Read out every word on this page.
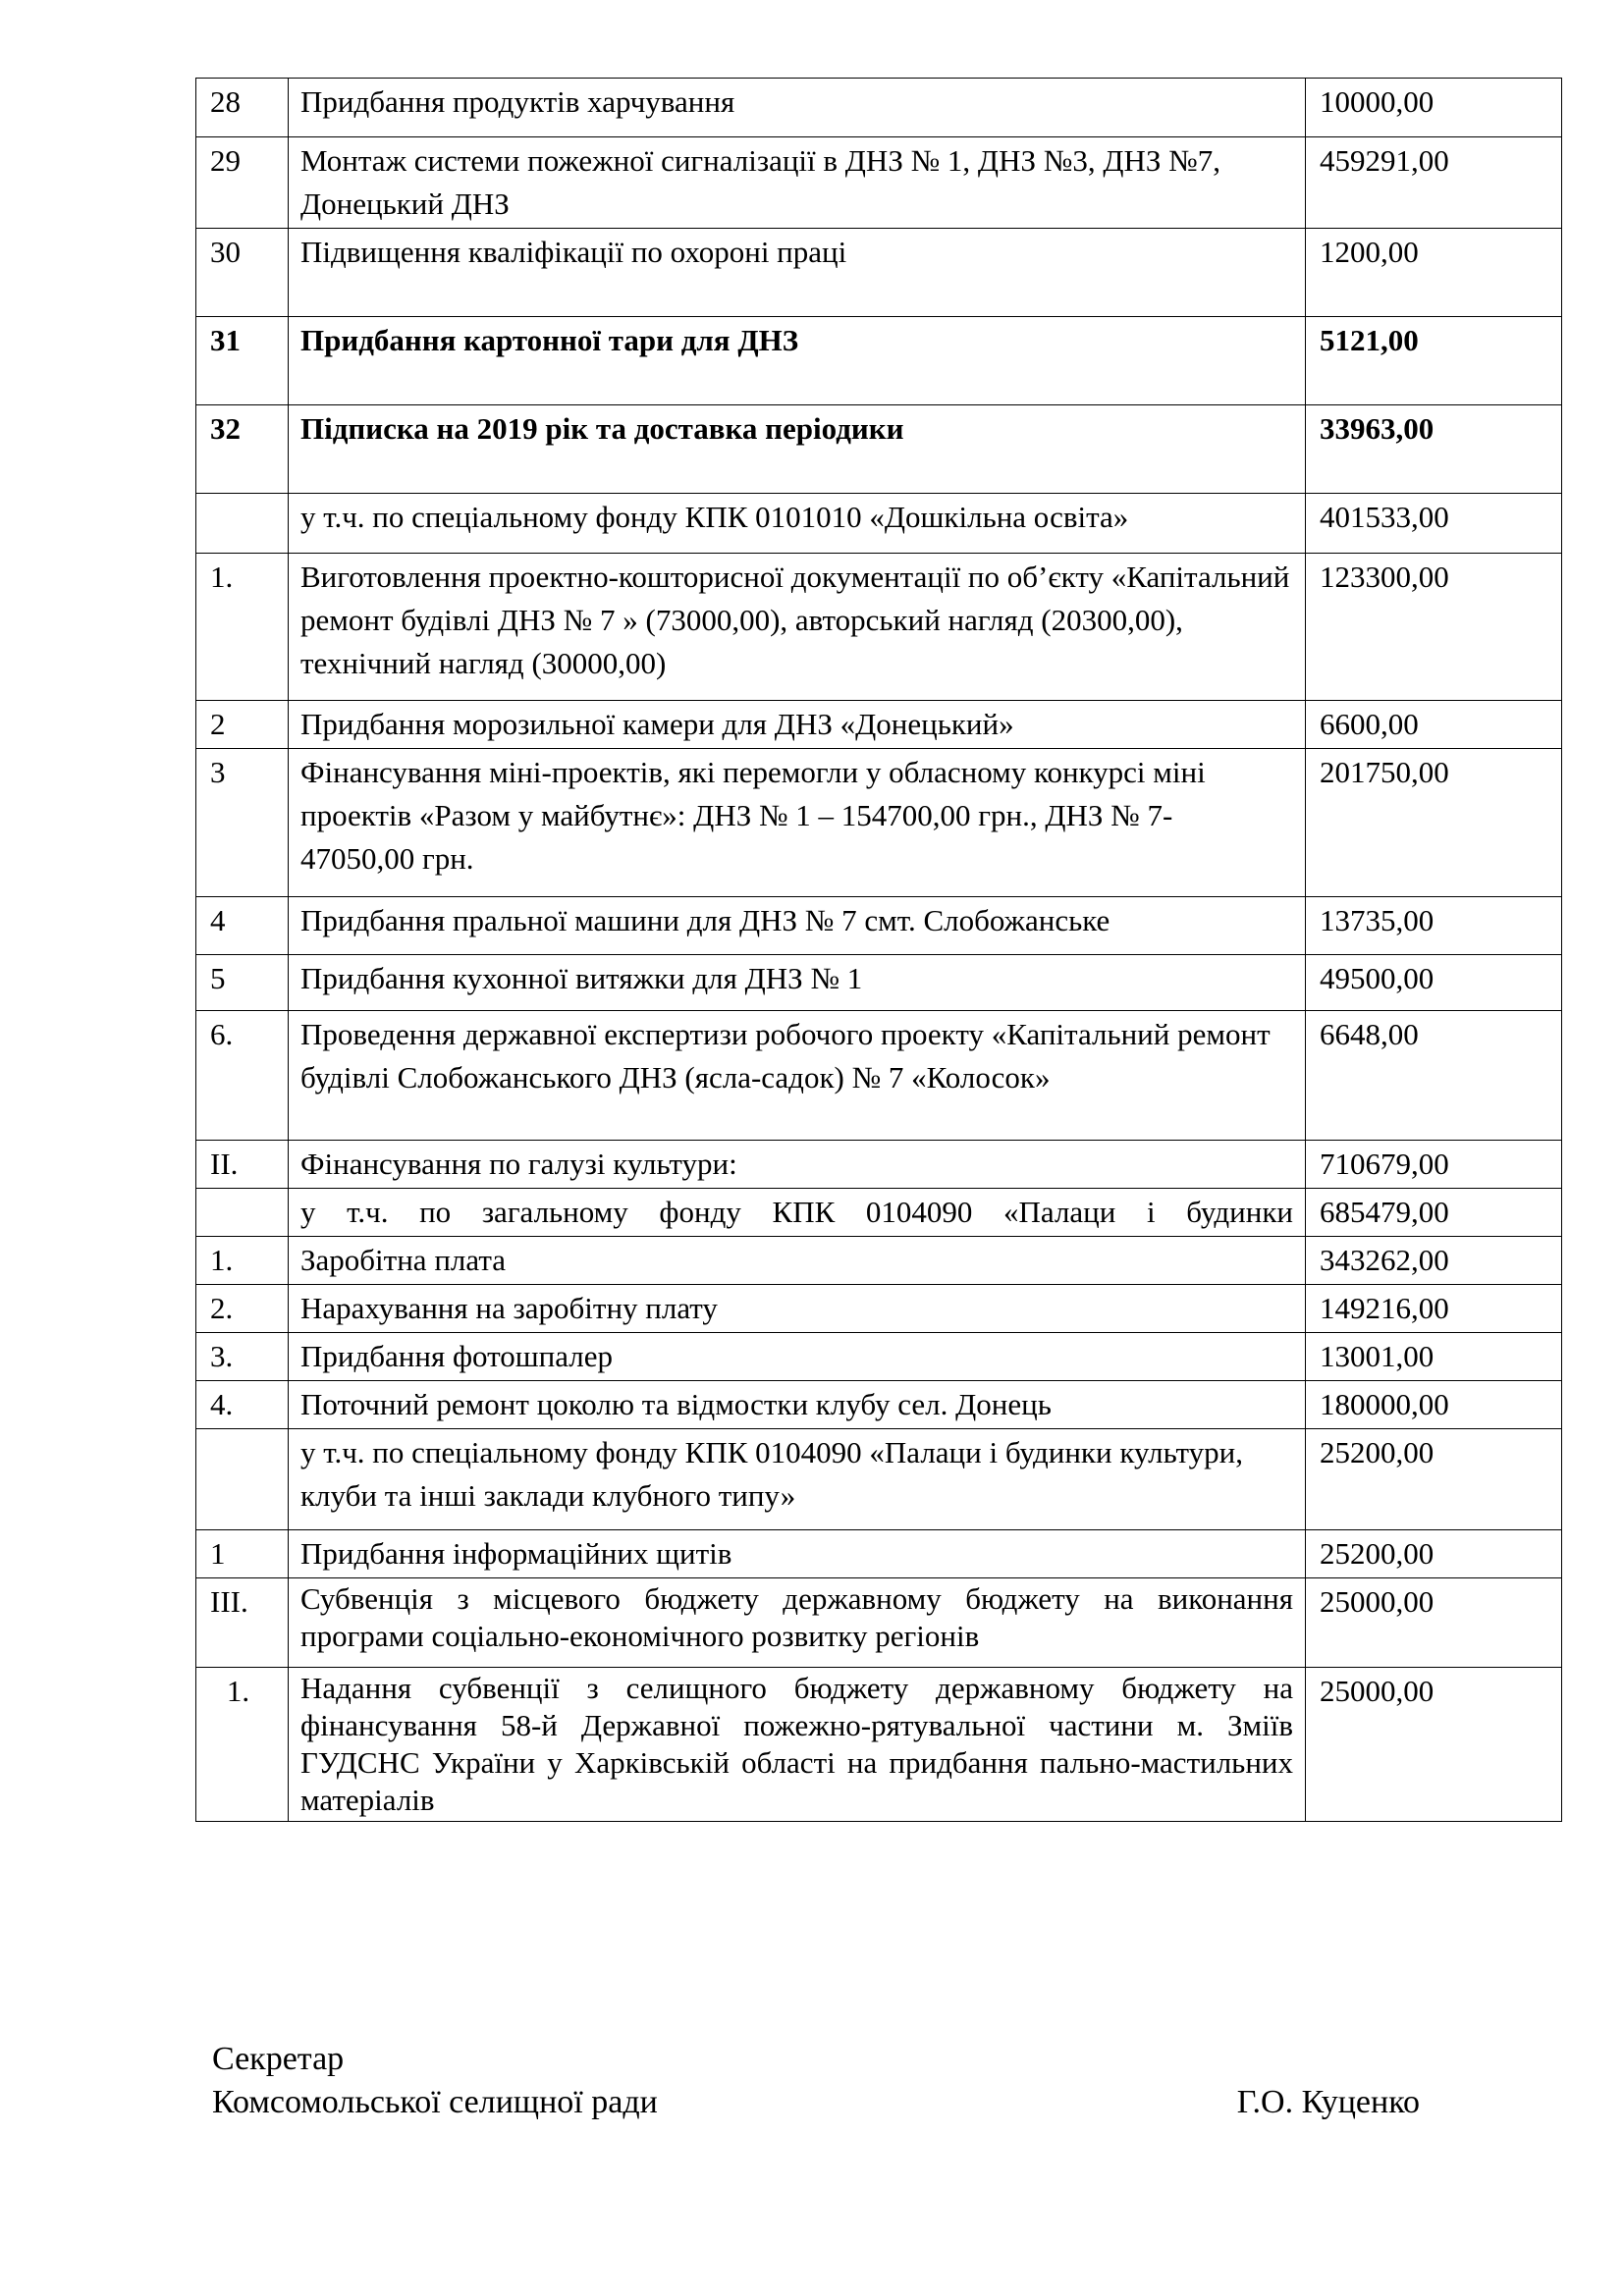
28	Придбання продуктів харчування	10000,00
29	Монтаж системи пожежної сигналізації в ДНЗ № 1, ДНЗ №3, ДНЗ №7, Донецький ДНЗ	459291,00
30	Підвищення кваліфікації по охороні праці	1200,00
31	Придбання картонної тари для ДНЗ	5121,00
32	Підписка на 2019 рік та доставка періодики	33963,00
	у т.ч. по спеціальному фонду КПК 0101010 «Дошкільна освіта»	401533,00
1.	Виготовлення проектно-кошторисної документації по об’єкту «Капітальний ремонт будівлі ДНЗ № 7 » (73000,00), авторський нагляд (20300,00), технічний нагляд (30000,00)	123300,00
2	Придбання морозильної камери для ДНЗ «Донецький»	6600,00
3	Фінансування міні-проектів, які перемогли у обласному конкурсі міні проектів «Разом у майбутнє»: ДНЗ № 1 – 154700,00 грн., ДНЗ № 7- 47050,00 грн.	201750,00
4	Придбання пральної машини для ДНЗ № 7 смт. Слобожанське	13735,00
5	Придбання кухонної витяжки для ДНЗ № 1	49500,00
6.	Проведення державної експертизи робочого проекту «Капітальний ремонт будівлі Слобожанського ДНЗ (ясла-садок) № 7 «Колосок»	6648,00
ІІ.	Фінансування по галузі культури:	710679,00
	у т.ч. по загальному фонду КПК 0104090 «Палаци і будинки	685479,00
1.	Заробітна плата	343262,00
2.	Нарахування на заробітну плату	149216,00
3.	Придбання фотошпалер	13001,00
4.	Поточний ремонт цоколю та відмостки клубу сел. Донець	180000,00
	у т.ч. по спеціальному фонду КПК 0104090 «Палаци і будинки культури, клуби та інші заклади клубного типу»	25200,00
1	Придбання інформаційних щитів	25200,00
ІІІ.	Субвенція з місцевого бюджету державному бюджету на виконання програми соціально-економічного розвитку регіонів	25000,00
1.	Надання субвенції з селищного бюджету державному бюджету на фінансування 58-й Державної пожежно-рятувальної частини м. Зміїв ГУДСНС України у Харківській області на придбання пально-мастильних матеріалів	25000,00
Секретар
Комсомольської селищної ради	Г.О. Куценко
